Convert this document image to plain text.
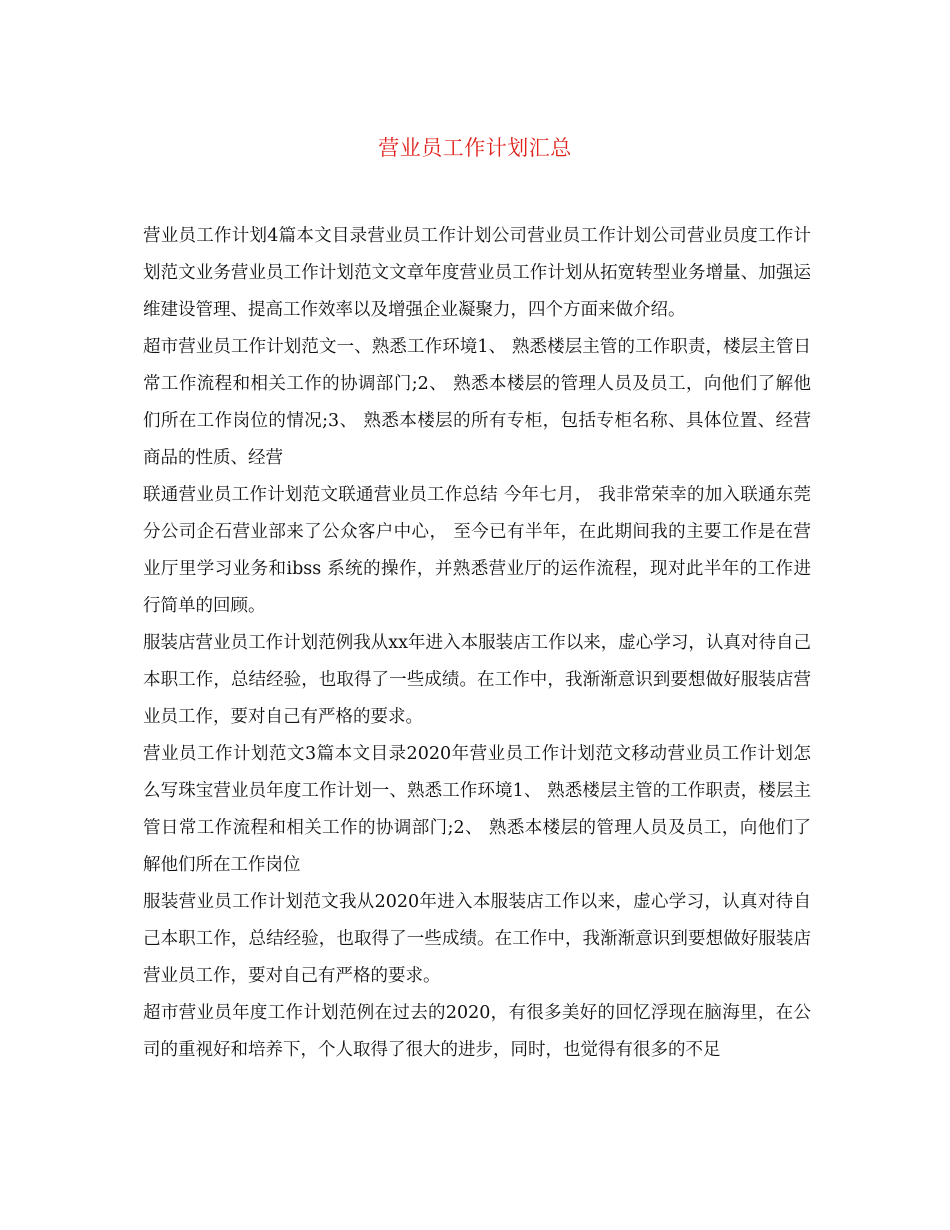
营业员工作计划汇总

营业员工作计划4篇本文目录营业员工作计划公司营业员工作计划公司营业员度工作计划范文业务营业员工作计划范文文章年度营业员工作计划从拓宽转型业务增量、加强运维建设管理、提高工作效率以及增强企业凝聚力，四个方面来做介绍。

超市营业员工作计划范文一、熟悉工作环境1、 熟悉楼层主管的工作职责，楼层主管日常工作流程和相关工作的协调部门;2、 熟悉本楼层的管理人员及员工，向他们了解他们所在工作岗位的情况;3、 熟悉本楼层的所有专柜，包括专柜名称、具体位置、经营商品的性质、经营

联通营业员工作计划范文联通营业员工作总结 今年七月， 我非常荣幸的加入联通东莞分公司企石营业部来了公众客户中心， 至今已有半年，在此期间我的主要工作是在营业厅里学习业务和ibss 系统的操作，并熟悉营业厅的运作流程，现对此半年的工作进行简单的回顾。

服装店营业员工作计划范例我从xx年进入本服装店工作以来，虚心学习，认真对待自己本职工作，总结经验，也取得了一些成绩。在工作中，我渐渐意识到要想做好服装店营业员工作，要对自己有严格的要求。

营业员工作计划范文3篇本文目录2020年营业员工作计划范文移动营业员工作计划怎么写珠宝营业员年度工作计划一、熟悉工作环境1、 熟悉楼层主管的工作职责，楼层主管日常工作流程和相关工作的协调部门;2、 熟悉本楼层的管理人员及员工，向他们了解他们所在工作岗位

服装营业员工作计划范文我从2020年进入本服装店工作以来，虚心学习，认真对待自己本职工作，总结经验，也取得了一些成绩。在工作中，我渐渐意识到要想做好服装店营业员工作，要对自己有严格的要求。

超市营业员年度工作计划范例在过去的2020，有很多美好的回忆浮现在脑海里，在公司的重视好和培养下，个人取得了很大的进步，同时，也觉得有很多的不足
